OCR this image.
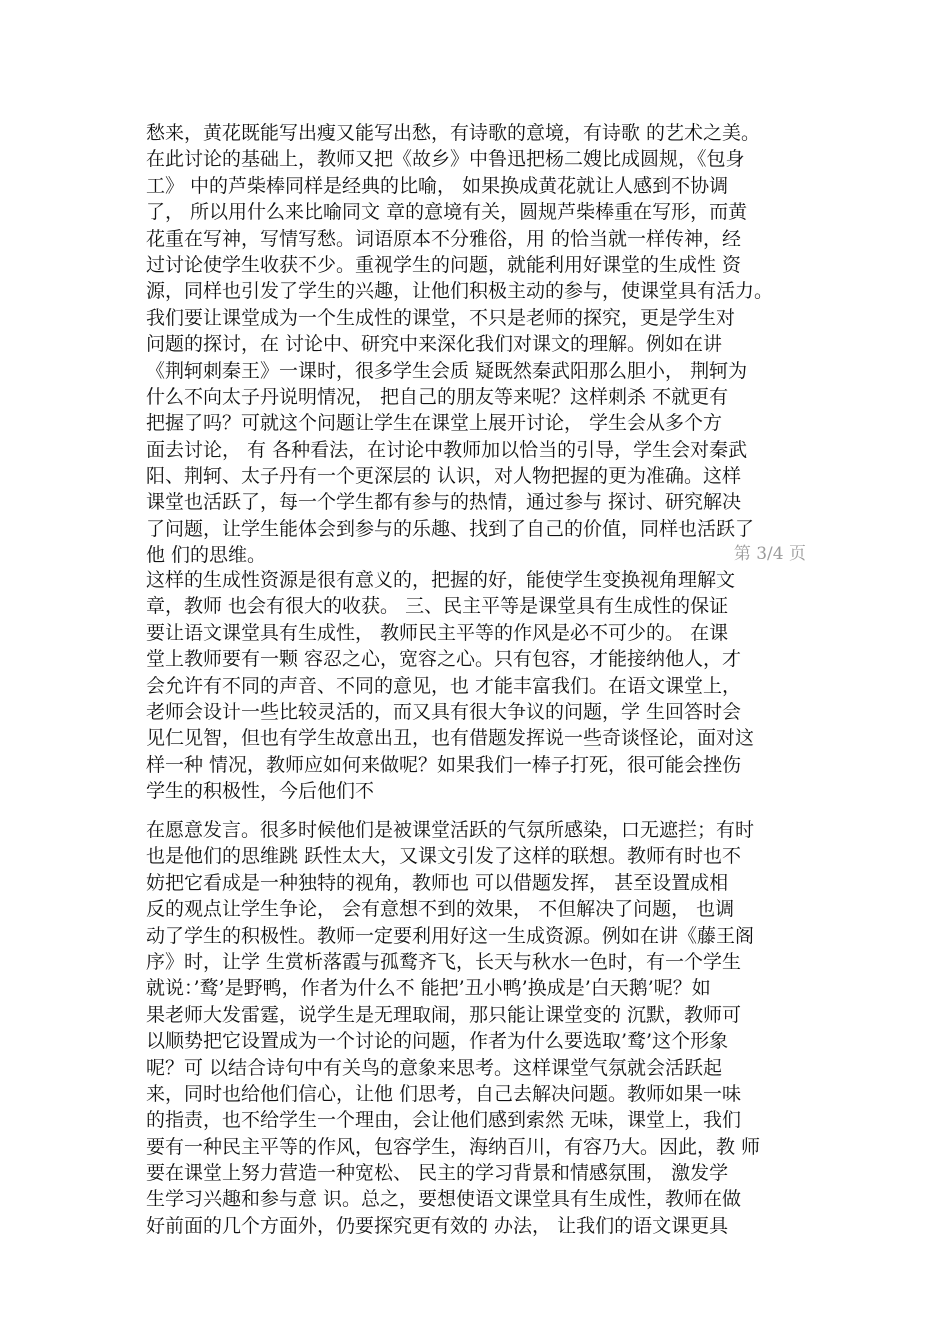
愁来，黄花既能写出瘦又能写出愁，有诗歌的意境，有诗歌 的艺术之美。
在此讨论的基础上，教师又把《故乡》中鲁迅把杨二嫂比成圆规，《包身
工》 中的芦柴棒同样是经典的比喻， 如果换成黄花就让人感到不协调
了， 所以用什么来比喻同文 章的意境有关，圆规芦柴棒重在写形，而黄
花重在写神，写情写愁。词语原本不分雅俗，用 的恰当就一样传神，经
过讨论使学生收获不少。重视学生的问题，就能利用好课堂的生成性 资
源，同样也引发了学生的兴趣，让他们积极主动的参与，使课堂具有活力。
我们要让课堂成为一个生成性的课堂，不只是老师的探究，更是学生对
问题的探讨，在 讨论中、研究中来深化我们对课文的理解。例如在讲
《荆轲刺秦王》一课时，很多学生会质 疑既然秦武阳那么胆小， 荆轲为
什么不向太子丹说明情况， 把自己的朋友等来呢？这样刺杀 不就更有
把握了吗？可就这个问题让学生在课堂上展开讨论， 学生会从多个方
面去讨论， 有 各种看法，在讨论中教师加以恰当的引导，学生会对秦武
阳、荆轲、太子丹有一个更深层的 认识，对人物把握的更为准确。这样
课堂也活跃了，每一个学生都有参与的热情，通过参与 探讨、研究解决
了问题，让学生能体会到参与的乐趣、找到了自己的价值，同样也活跃了
他 们的思维。	第 3/4 页
这样的生成性资源是很有意义的，把握的好，能使学生变换视角理解文
章，教师 也会有很大的收获。 三、民主平等是课堂具有生成性的保证
要让语文课堂具有生成性， 教师民主平等的作风是必不可少的。 在课
堂上教师要有一颗 容忍之心，宽容之心。只有包容，才能接纳他人，才
会允许有不同的声音、不同的意见，也 才能丰富我们。在语文课堂上，
老师会设计一些比较灵活的，而又具有很大争议的问题，学 生回答时会
见仁见智，但也有学生故意出丑，也有借题发挥说一些奇谈怪论，面对这
样一种 情况，教师应如何来做呢？如果我们一棒子打死，很可能会挫伤
学生的积极性，今后他们不
在愿意发言。很多时候他们是被课堂活跃的气氛所感染，口无遮拦；有时
也是他们的思维跳 跃性太大，又课文引发了这样的联想。教师有时也不
妨把它看成是一种独特的视角，教师也 可以借题发挥， 甚至设置成相
反的观点让学生争论， 会有意想不到的效果， 不但解决了问题， 也调
动了学生的积极性。教师一定要利用好这一生成资源。例如在讲《藤王阁
序》时，让学 生赏析落霞与孤鹜齐飞，长天与秋水一色时，有一个学生
就说：’鹜’是野鸭，作者为什么不 能把’丑小鸭’换成是’白天鹅’呢？如
果老师大发雷霆，说学生是无理取闹，那只能让课堂变的 沉默，教师可
以顺势把它设置成为一个讨论的问题，作者为什么要选取’鹜’这个形象
呢？可 以结合诗句中有关鸟的意象来思考。这样课堂气氛就会活跃起
来，同时也给他们信心，让他 们思考，自己去解决问题。教师如果一味
的指责，也不给学生一个理由，会让他们感到索然 无味，课堂上，我们
要有一种民主平等的作风，包容学生，海纳百川，有容乃大。因此，教 师
要在课堂上努力营造一种宽松、 民主的学习背景和情感氛围， 激发学
生学习兴趣和参与意 识。总之，要想使语文课堂具有生成性，教师在做
好前面的几个方面外，仍要探究更有效的 办法， 让我们的语文课更具
